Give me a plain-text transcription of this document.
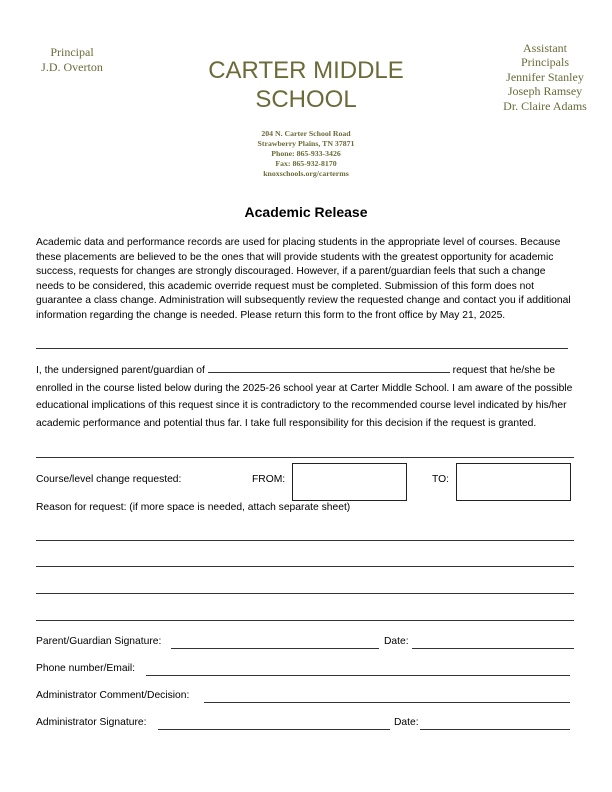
Principal
J.D. Overton	CARTER MIDDLE
SCHOOL
Assistant
Principals
Jennifer Stanley
Joseph Ramsey
Dr. Claire Adams
204 N. Carter School Road
Strawberry Plains, TN 37871
Phone: 865-933-3426
Fax: 865-932-8170
knoxschools.org/carterms
Academic Release
Academic data and performance records are used for placing students in the appropriate level of courses. Because these placements are believed to be the ones that will provide students with the greatest opportunity for academic success, requests for changes are strongly discouraged. However, if a parent/guardian feels that such a change needs to be considered, this academic override request must be completed. Submission of this form does not guarantee a class change. Administration will subsequently review the requested change and contact you if additional information regarding the change is needed. Please return this form to the front office by May 21, 2025.
I, the undersigned parent/guardian of	request that he/she be enrolled in the course listed below during the 2025-26 school year at Carter Middle School. I am aware of the possible educational implications of this request since it is contradictory to the recommended course level indicated by his/her academic performance and potential thus far. I take full responsibility for this decision if the request is granted.
Course/level change requested:	FROM:	TO:
Reason for request: (if more space is needed, attach separate sheet)
Parent/Guardian Signature:	Date:
Phone number/Email:
Administrator Comment/Decision:
Administrator Signature:	Date:
